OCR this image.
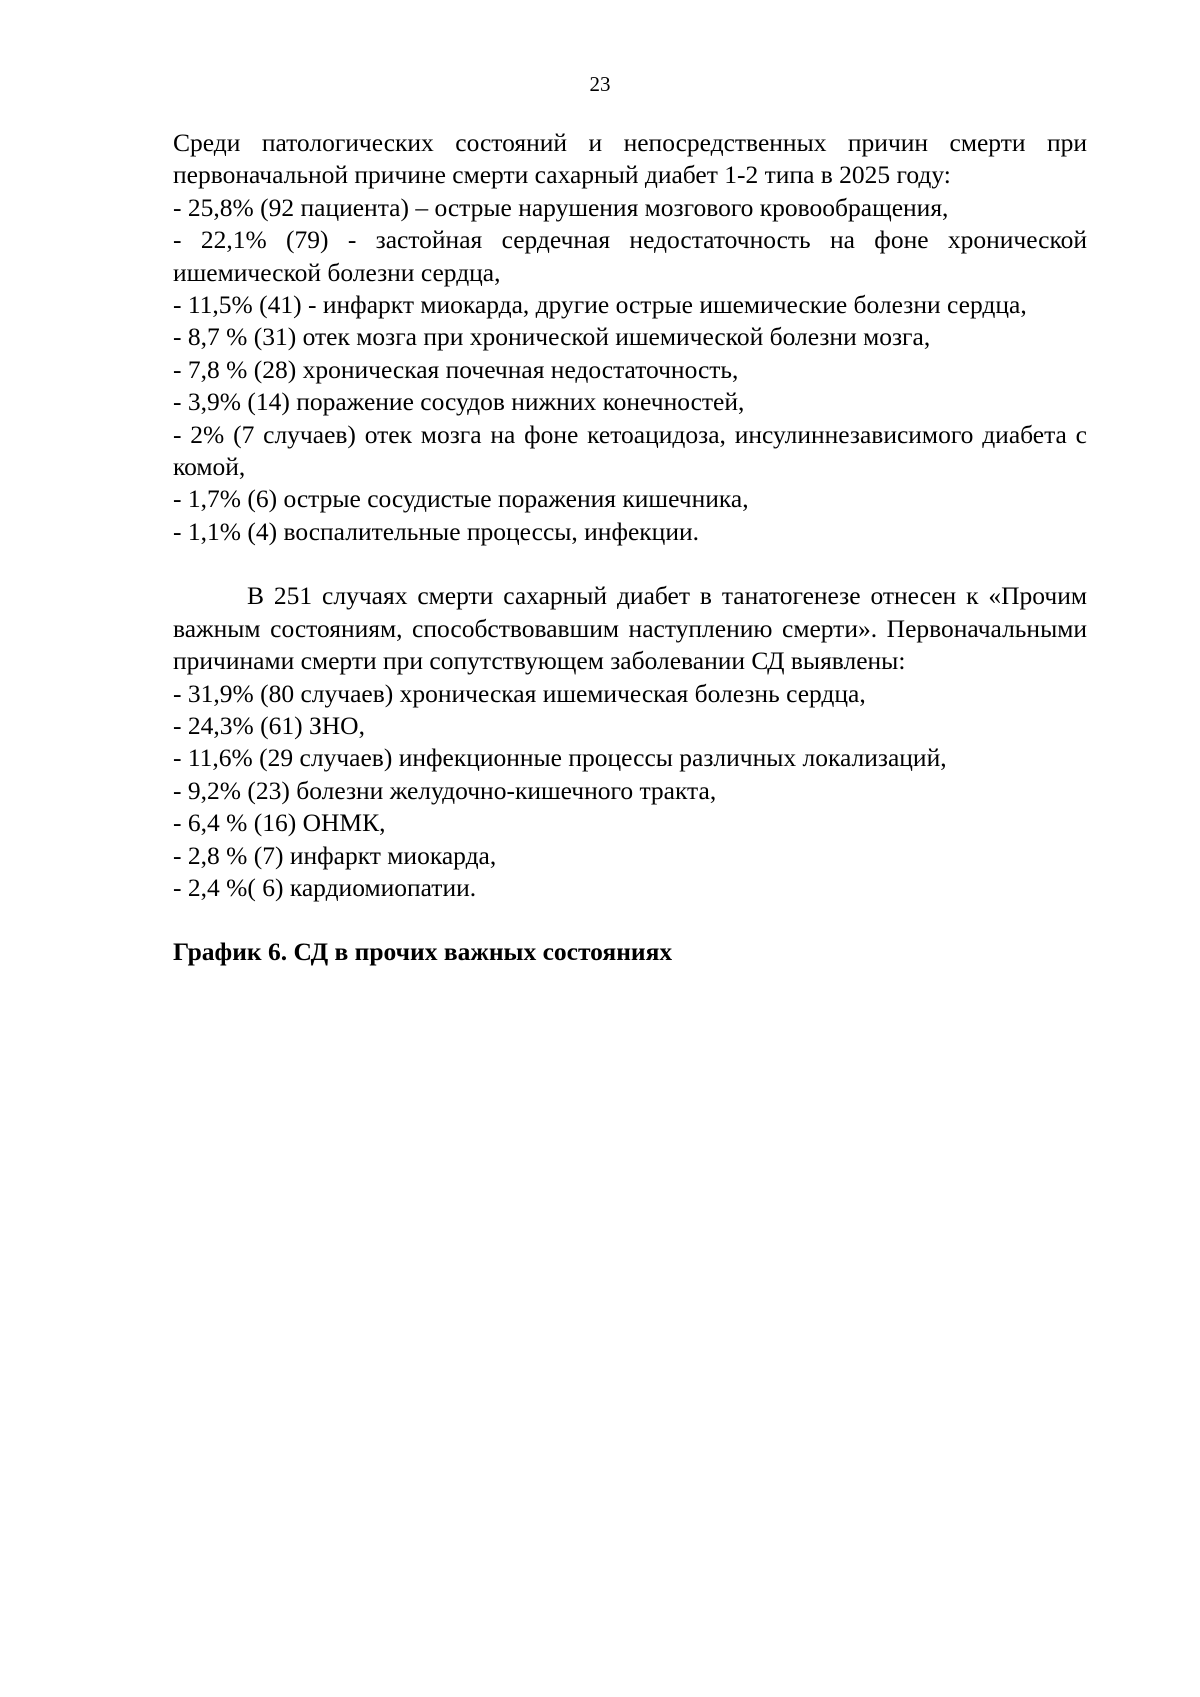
23

Среди патологических состояний и непосредственных причин смерти при первоначальной причине смерти сахарный диабет 1-2 типа в 2025 году:

- 25,8% (92 пациента) – острые нарушения мозгового кровообращения,

- 22,1% (79) - застойная сердечная недостаточность на фоне хронической ишемической болезни сердца,

- 11,5% (41) - инфаркт миокарда, другие острые ишемические болезни сердца,

- 8,7 % (31) отек мозга при хронической ишемической болезни мозга,

- 7,8 % (28) хроническая почечная недостаточность,

- 3,9% (14) поражение сосудов нижних конечностей,

- 2% (7 случаев) отек мозга на фоне кетоацидоза, инсулиннезависимого диабета с комой,

- 1,7% (6) острые сосудистые поражения кишечника,

- 1,1% (4) воспалительные процессы, инфекции.

В 251 случаях смерти сахарный диабет в танатогенезе отнесен к «Прочим важным состояниям, способствовавшим наступлению смерти». Первоначальными причинами смерти при сопутствующем заболевании СД выявлены:

- 31,9% (80 случаев) хроническая ишемическая болезнь сердца,

- 24,3% (61) ЗНО,

- 11,6% (29 случаев) инфекционные процессы различных локализаций,

- 9,2% (23) болезни желудочно-кишечного тракта,

- 6,4 % (16) ОНМК,

- 2,8 % (7) инфаркт миокарда,

- 2,4 %( 6) кардиомиопатии.

График 6. СД в прочих важных состояниях
